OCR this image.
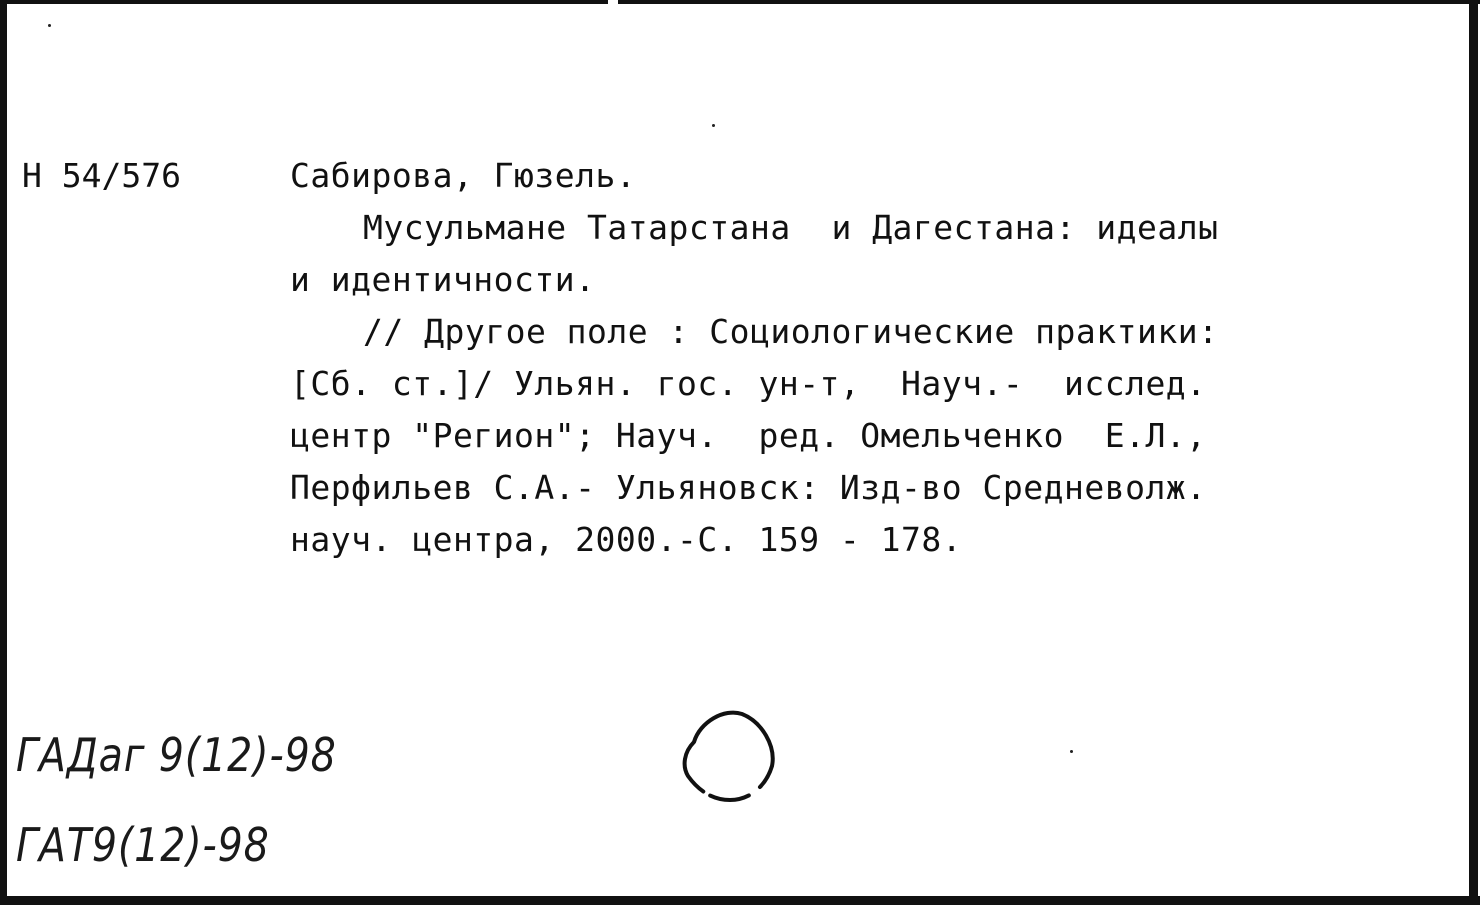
Н 54/576	Сабирова, Гюзель.
Мусульмане Татарстана  и Дагестана: идеалы
и идентичности.
// Другое поле : Социологические практики:
[Сб. ст.]/ Ульян. гос. ун-т,  Науч.-  исслед.
центр "Регион"; Науч.  ред. Омельченко  Е.Л.,
Перфильев С.А.- Ульяновск: Изд-во Средневолж.
науч. центра, 2000.-С. 159 - 178.
ГАДаг 9(12)-98
ГАТ9(12)-98
